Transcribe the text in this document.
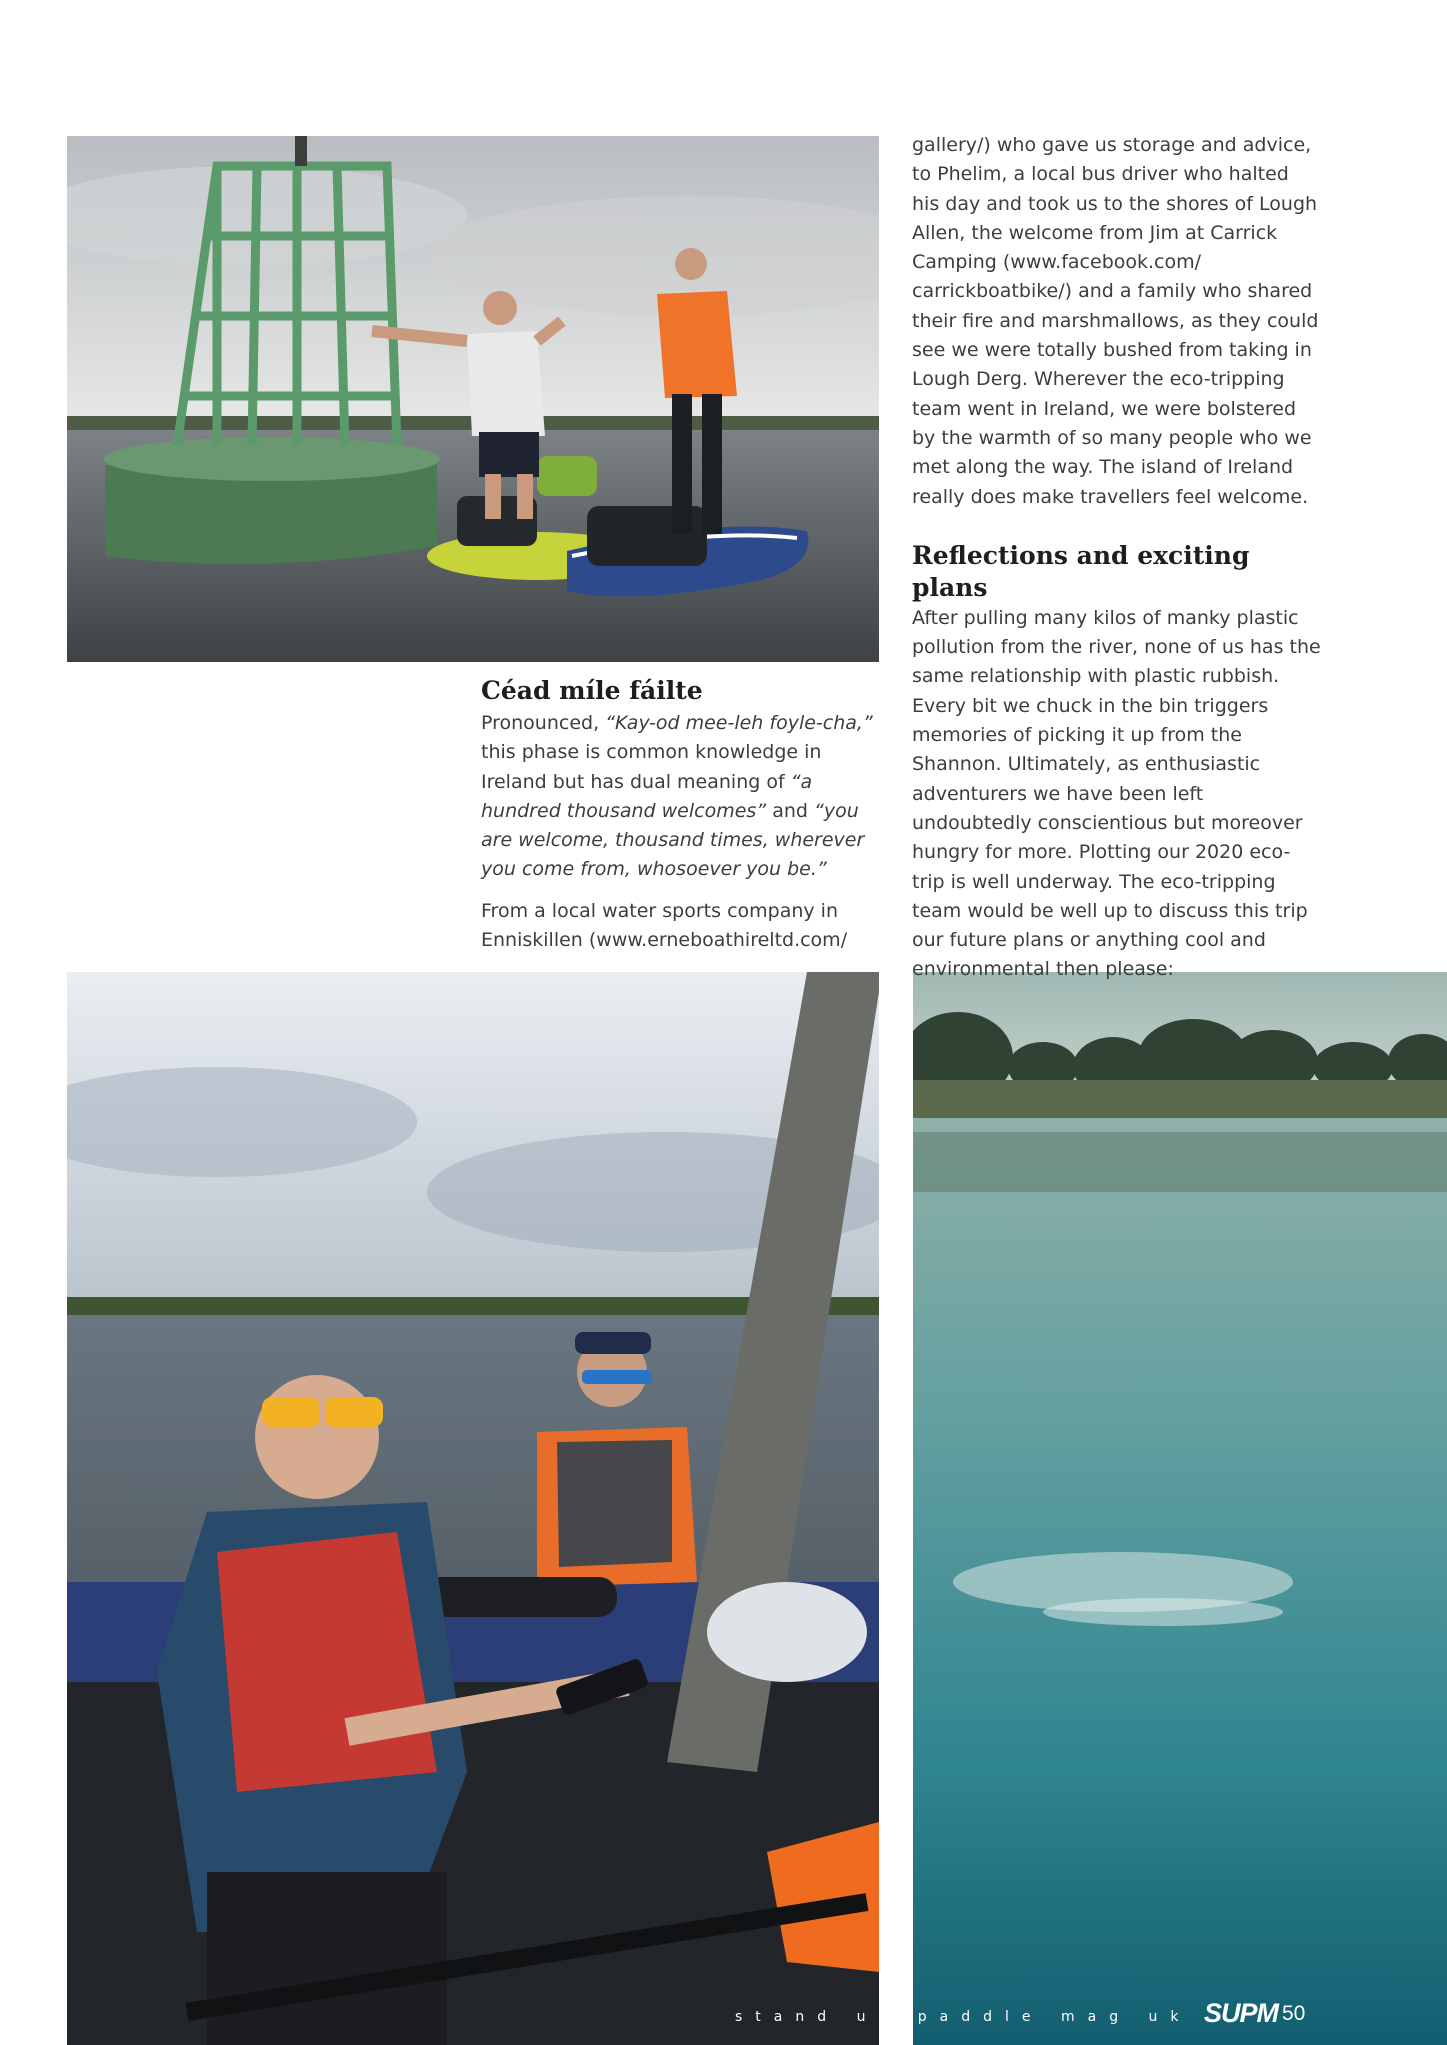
Céad míle fáilte

Pronounced, “Kay-od mee-leh foyle-cha,” this phase is common knowledge in Ireland but has dual meaning of “a hundred thousand welcomes” and “you are welcome, thousand times, wherever you come from, whosoever you be.”

From a local water sports company in Enniskillen (www.erneboathireltd.com/

gallery/) who gave us storage and advice, to Phelim, a local bus driver who halted his day and took us to the shores of Lough Allen, the welcome from Jim at Carrick Camping (www.facebook.com/ carrickboatbike/) and a family who shared their fire and marshmallows, as they could see we were totally bushed from taking in Lough Derg. Wherever the eco-tripping team went in Ireland, we were bolstered by the warmth of so many people who we met along the way. The island of Ireland really does make travellers feel welcome.

Reflections and exciting plans

After pulling many kilos of manky plastic pollution from the river, none of us has the same relationship with plastic rubbish. Every bit we chuck in the bin triggers memories of picking it up from the Shannon. Ultimately, as enthusiastic adventurers we have been left undoubtedly conscientious but moreover hungry for more. Plotting our 2020 eco-trip is well underway. The eco-tripping team would be well up to discuss this trip our future plans or anything cool and environmental then please:

stand up paddle mag uk SUPM 50
